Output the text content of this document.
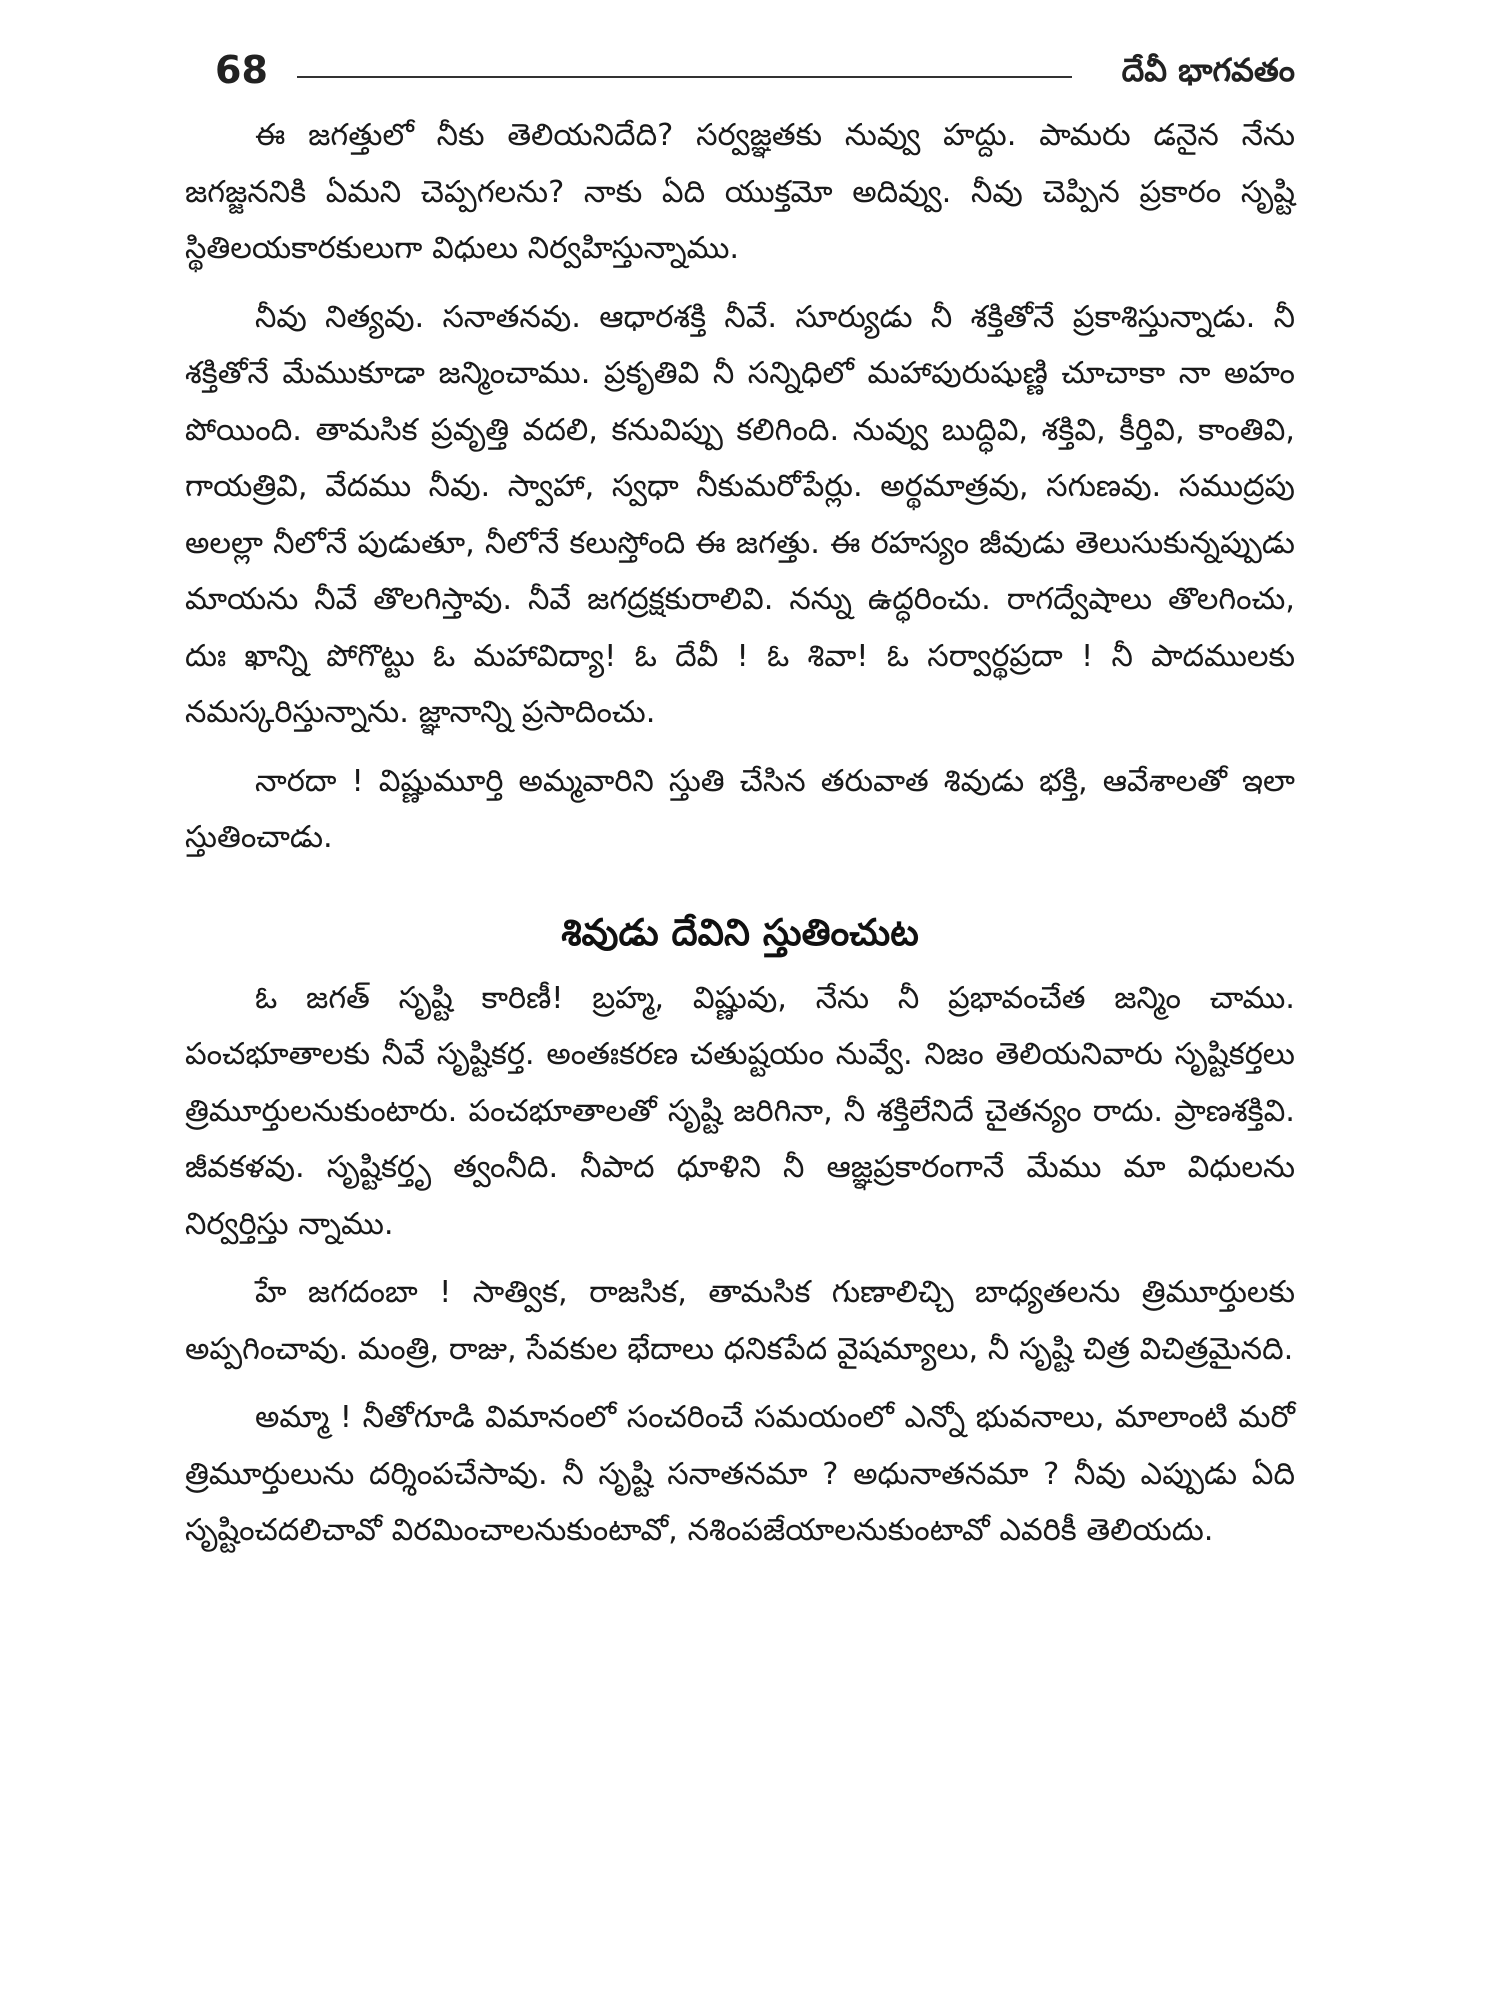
68	దేవీ భాగవతం

ఈ జగత్తులో నీకు తెలియనిదేది? సర్వజ్ఞతకు నువ్వు హద్దు. పామరు డనైన నేను జగజ్జననికి ఏమని చెప్పగలను? నాకు ఏది యుక్తమో అదివ్వు. నీవు చెప్పిన ప్రకారం సృష్టి స్థితిలయకారకులుగా విధులు నిర్వహిస్తున్నాము.

నీవు నిత్యవు. సనాతనవు. ఆధారశక్తి నీవే. సూర్యుడు నీ శక్తితోనే ప్రకాశిస్తున్నాడు. నీ శక్తితోనే మేముకూడా జన్మించాము. ప్రకృతివి నీ సన్నిధిలో మహాపురుషుణ్ణి చూచాకా నా అహం పోయింది. తామసిక ప్రవృత్తి వదలి, కనువిప్పు కలిగింది. నువ్వు బుద్ధివి, శక్తివి, కీర్తివి, కాంతివి, గాయత్రివి, వేదము నీవు. స్వాహా, స్వధా నీకుమరోపేర్లు. అర్థమాత్రవు, సగుణవు. సముద్రపు అలల్లా నీలోనే పుడుతూ, నీలోనే కలుస్తోంది ఈ జగత్తు. ఈ రహస్యం జీవుడు తెలుసుకున్నప్పుడు మాయను నీవే తొలగిస్తావు. నీవే జగద్రక్షకురాలివి. నన్ను ఉద్ధరించు. రాగద్వేషాలు తొలగించు, దుః ఖాన్ని పోగొట్టు ఓ మహావిద్యా! ఓ దేవీ ! ఓ శివా! ఓ సర్వార్థప్రదా ! నీ పాదములకు నమస్కరిస్తున్నాను. జ్ఞానాన్ని ప్రసాదించు.

నారదా ! విష్ణుమూర్తి అమ్మవారిని స్తుతి చేసిన తరువాత శివుడు భక్తి, ఆవేశాలతో ఇలా స్తుతించాడు.

శివుడు దేవిని స్తుతించుట

ఓ జగత్ సృష్టి కారిణీ! బ్రహ్మ, విష్ణువు, నేను నీ ప్రభావంచేత జన్మిం చాము. పంచభూతాలకు నీవే సృష్టికర్త. అంతఃకరణ చతుష్టయం నువ్వే. నిజం తెలియనివారు సృష్టికర్తలు త్రిమూర్తులనుకుంటారు. పంచభూతాలతో సృష్టి జరిగినా, నీ శక్తిలేనిదే చైతన్యం రాదు. ప్రాణశక్తివి. జీవకళవు. సృష్టికర్తృ త్వంనీది. నీపాద ధూళిని నీ ఆజ్ఞప్రకారంగానే మేము మా విధులను నిర్వర్తిస్తు న్నాము.

హే జగదంబా ! సాత్విక, రాజసిక, తామసిక గుణాలిచ్చి బాధ్యతలను త్రిమూర్తులకు అప్పగించావు. మంత్రి, రాజు, సేవకుల భేదాలు ధనికపేద వైషమ్యాలు, నీ సృష్టి చిత్ర విచిత్రమైనది.

అమ్మా ! నీతోగూడి విమానంలో సంచరించే సమయంలో ఎన్నో భువనాలు, మాలాంటి మరో త్రిమూర్తులును దర్శింపచేసావు. నీ సృష్టి సనాతనమా ? అధునాతనమా ? నీవు ఎప్పుడు ఏది సృష్టించదలిచావో విరమించాలనుకుంటావో, నశింపజేయాలనుకుంటావో ఎవరికీ తెలియదు.
